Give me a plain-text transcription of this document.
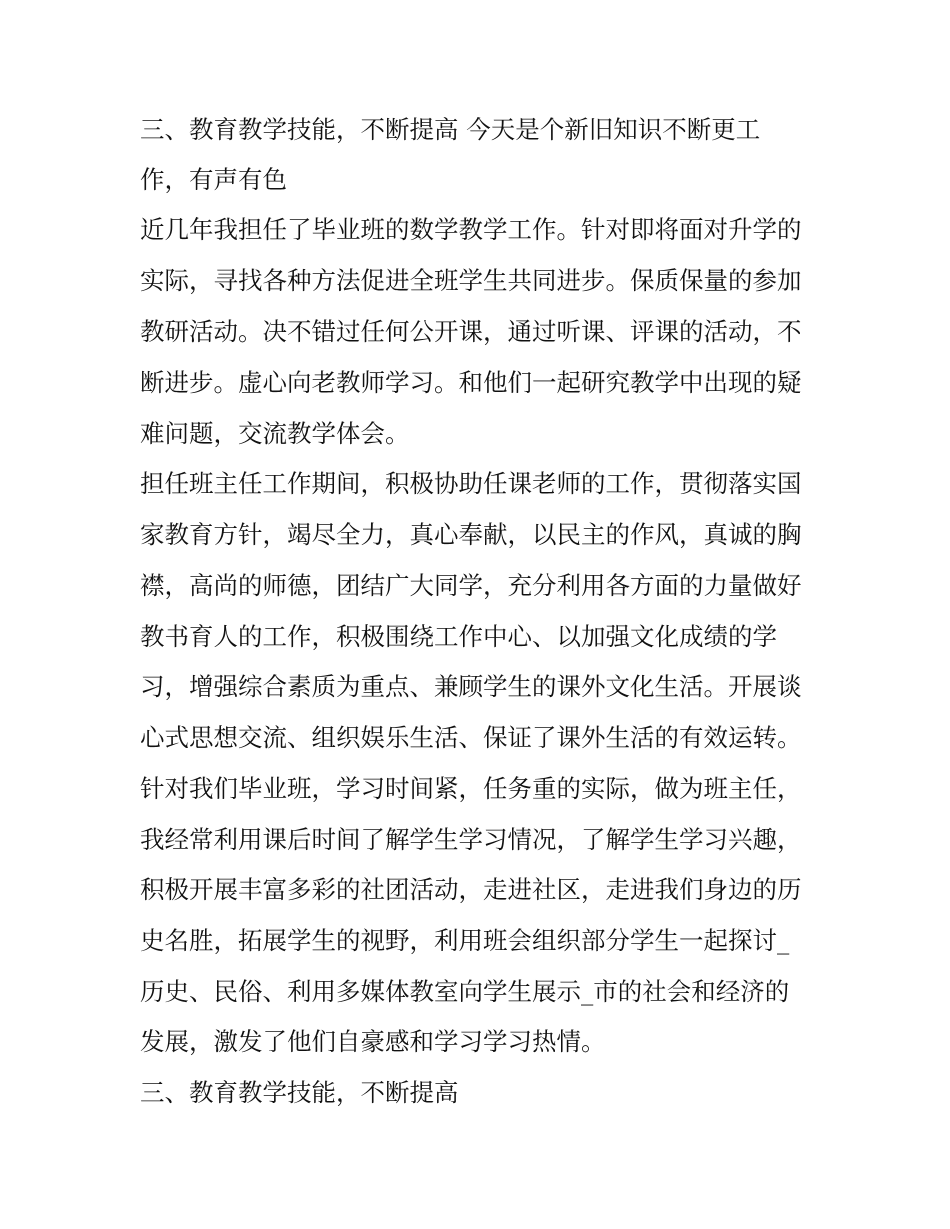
三、教育教学技能，不断提高 今天是个新旧知识不断更工

作，有声有色

近几年我担任了毕业班的数学教学工作。针对即将面对升学的

实际，寻找各种方法促进全班学生共同进步。保质保量的参加

教研活动。决不错过任何公开课，通过听课、评课的活动，不

断进步。虚心向老教师学习。和他们一起研究教学中出现的疑

难问题，交流教学体会。

担任班主任工作期间，积极协助任课老师的工作，贯彻落实国

家教育方针，竭尽全力，真心奉献，以民主的作风，真诚的胸

襟，高尚的师德，团结广大同学，充分利用各方面的力量做好

教书育人的工作，积极围绕工作中心、以加强文化成绩的学

习，增强综合素质为重点、兼顾学生的课外文化生活。开展谈

心式思想交流、组织娱乐生活、保证了课外生活的有效运转。

针对我们毕业班，学习时间紧，任务重的实际，做为班主任，

我经常利用课后时间了解学生学习情况，了解学生学习兴趣，

积极开展丰富多彩的社团活动，走进社区，走进我们身边的历

史名胜，拓展学生的视野，利用班会组织部分学生一起探讨_

历史、民俗、利用多媒体教室向学生展示_市的社会和经济的

发展，激发了他们自豪感和学习学习热情。

三、教育教学技能，不断提高
